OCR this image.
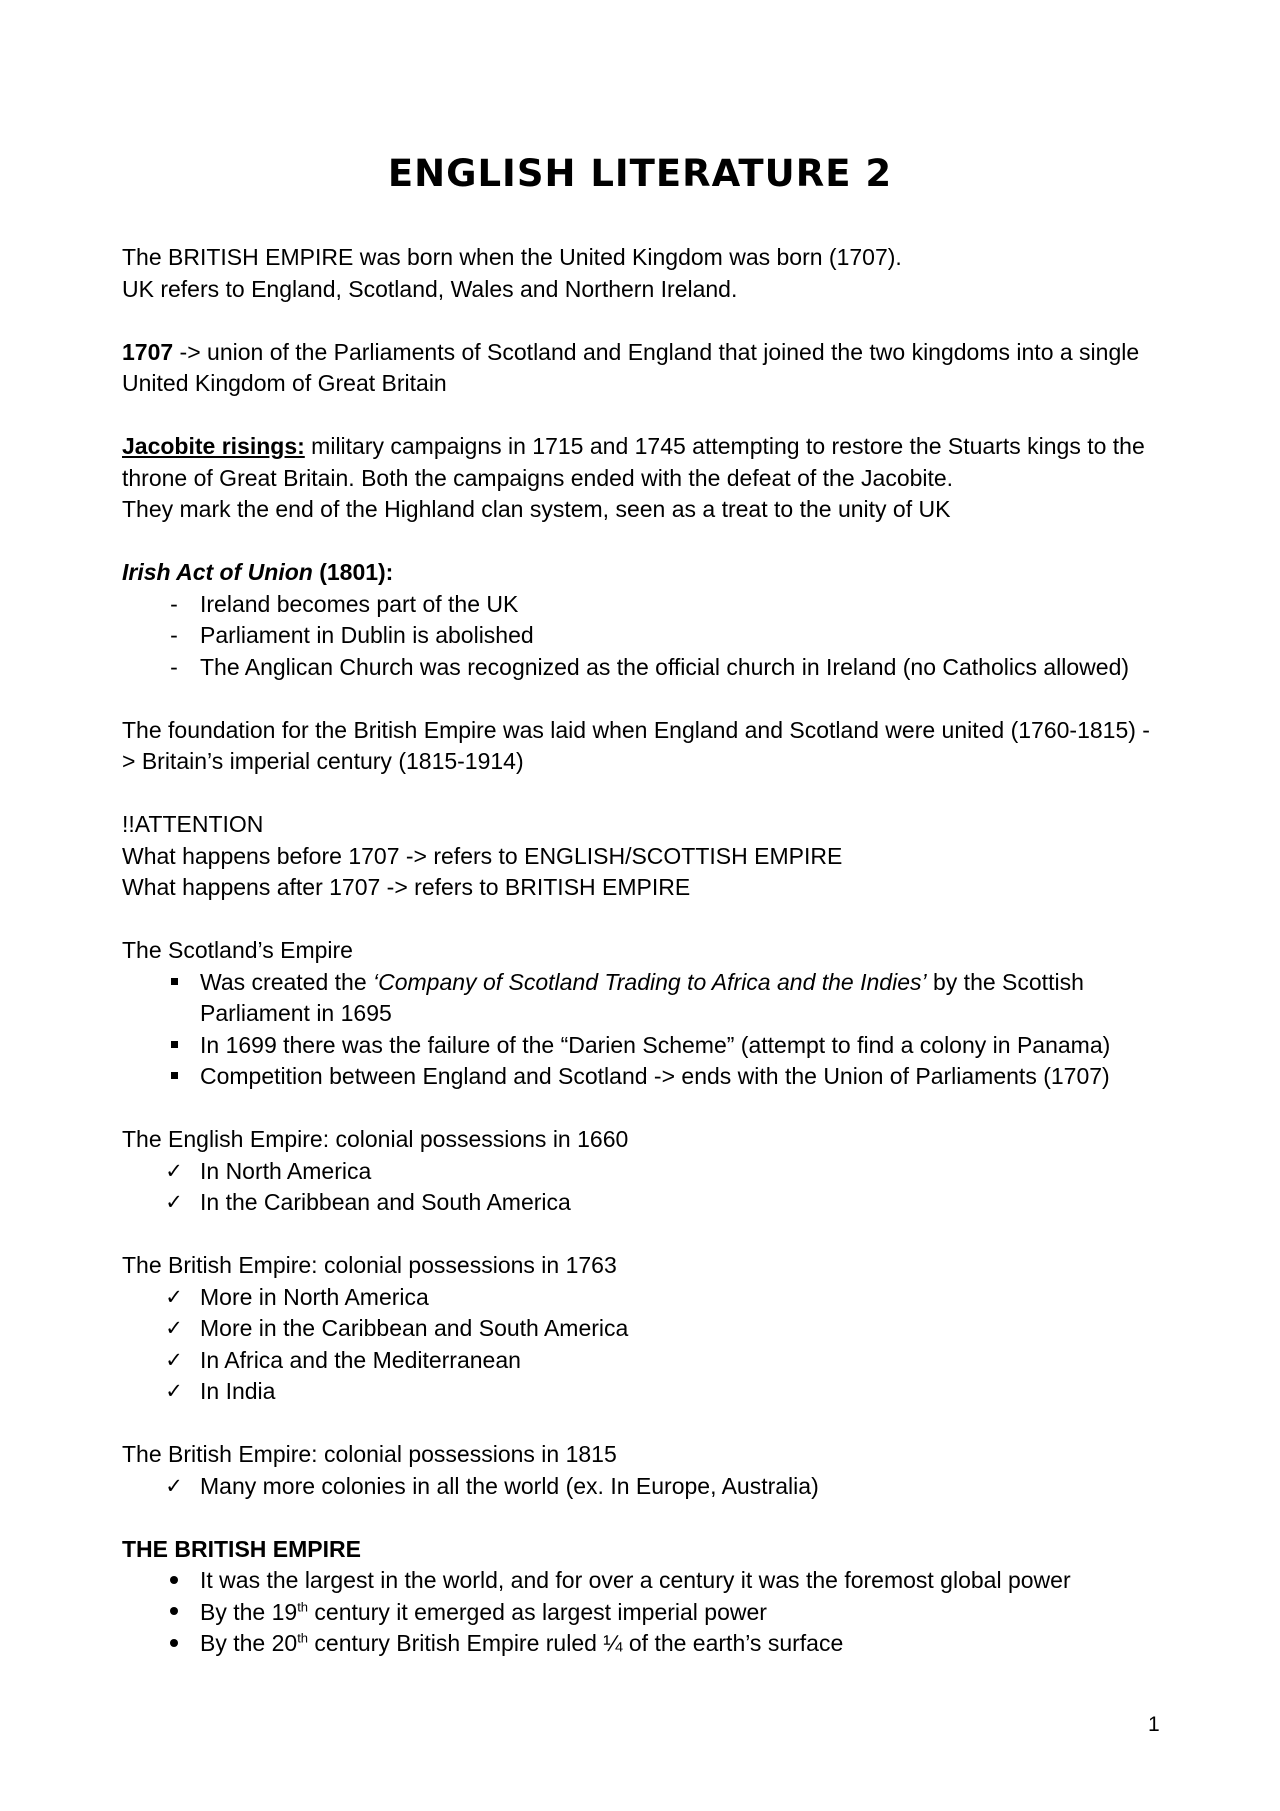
ENGLISH LITERATURE 2

The BRITISH EMPIRE was born when the United Kingdom was born (1707).

UK refers to England, Scotland, Wales and Northern Ireland.

1707 -> union of the Parliaments of Scotland and England that joined the two kingdoms into a single United Kingdom of Great Britain

Jacobite risings: military campaigns in 1715 and 1745 attempting to restore the Stuarts kings to the throne of Great Britain. Both the campaigns ended with the defeat of the Jacobite.

They mark the end of the Highland clan system, seen as a treat to the unity of UK

Irish Act of Union (1801):

- Ireland becomes part of the UK
- Parliament in Dublin is abolished
- The Anglican Church was recognized as the official church in Ireland (no Catholics allowed)

The foundation for the British Empire was laid when England and Scotland were united (1760-1815) -> Britain’s imperial century (1815-1914)

!!ATTENTION

What happens before 1707 -> refers to ENGLISH/SCOTTISH EMPIRE

What happens after 1707 -> refers to BRITISH EMPIRE

The Scotland’s Empire

Was created the ‘Company of Scotland Trading to Africa and the Indies’ by the Scottish Parliament in 1695
In 1699 there was the failure of the “Darien Scheme” (attempt to find a colony in Panama)
Competition between England and Scotland -> ends with the Union of Parliaments (1707)

The English Empire: colonial possessions in 1660

✓ In North America
✓ In the Caribbean and South America

The British Empire: colonial possessions in 1763

✓ More in North America
✓ More in the Caribbean and South America
✓ In Africa and the Mediterranean
✓ In India

The British Empire: colonial possessions in 1815

✓ Many more colonies in all the world (ex. In Europe, Australia)

THE BRITISH EMPIRE

It was the largest in the world, and for over a century it was the foremost global power
By the 19th century it emerged as largest imperial power
By the 20th century British Empire ruled ¼ of the earth’s surface
1
